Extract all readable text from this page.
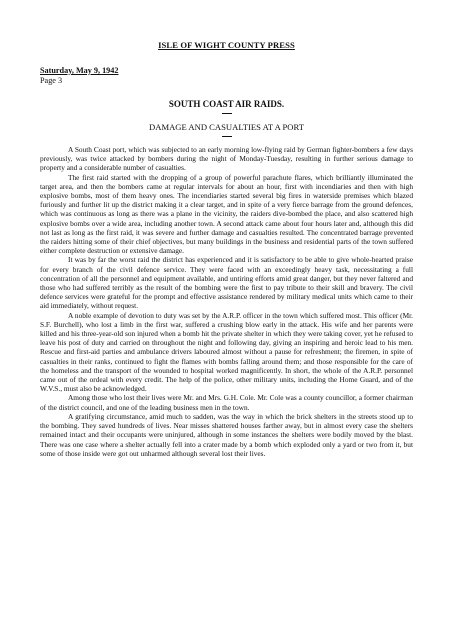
ISLE OF WIGHT COUNTY PRESS

Saturday, May 9, 1942

Page 3

SOUTH COAST AIR RAIDS.

DAMAGE AND CASUALTIES AT A PORT

A South Coast port, which was subjected to an early morning low-flying raid by German fighter-bombers a few days previously, was twice attacked by bombers during the night of Monday-Tuesday, resulting in further serious damage to property and a considerable number of casualties.

The first raid started with the dropping of a group of powerful parachute flares, which brilliantly illuminated the target area, and then the bombers came at regular intervals for about an hour, first with incendiaries and then with high explosive bombs, most of them heavy ones. The incendiaries started several big fires in waterside premises which blazed furiously and further lit up the district making it a clear target, and in spite of a very fierce barrage from the ground defences, which was continuous as long as there was a plane in the vicinity, the raiders dive-bombed the place, and also scattered high explosive bombs over a wide area, including another town. A second attack came about four hours later and, although this did not last as long as the first raid, it was severe and further damage and casualties resulted. The concentrated barrage prevented the raiders hitting some of their chief objectives, but many buildings in the business and residential parts of the town suffered either complete destruction or extensive damage.

It was by far the worst raid the district has experienced and it is satisfactory to be able to give whole-hearted praise for every branch of the civil defence service. They were faced with an exceedingly heavy task, necessitating a full concentration of all the personnel and equipment available, and untiring efforts amid great danger, but they never faltered and those who had suffered terribly as the result of the bombing were the first to pay tribute to their skill and bravery. The civil defence services were grateful for the prompt and effective assistance rendered by military medical units which came to their aid immediately, without request.

A noble example of devotion to duty was set by the A.R.P. officer in the town which suffered most. This officer (Mr. S.F. Burchell), who lost a limb in the first war, suffered a crushing blow early in the attack. His wife and her parents were killed and his three-year-old son injured when a bomb hit the private shelter in which they were taking cover, yet he refused to leave his post of duty and carried on throughout the night and following day, giving an inspiring and heroic lead to his men. Rescue and first-aid parties and ambulance drivers laboured almost without a pause for refreshment; the firemen, in spite of casualties in their ranks, continued to fight the flames with bombs falling around them; and those responsible for the care of the homeless and the transport of the wounded to hospital worked magnificently. In short, the whole of the A.R.P. personnel came out of the ordeal with every credit. The help of the police, other military units, including the Home Guard, and of the W.V.S., must also be acknowledged.

Among those who lost their lives were Mr. and Mrs. G.H. Cole. Mr. Cole was a county councillor, a former chairman of the district council, and one of the leading business men in the town.

A gratifying circumstance, amid much to sadden, was the way in which the brick shelters in the streets stood up to the bombing. They saved hundreds of lives. Near misses shattered houses farther away, but in almost every case the shelters remained intact and their occupants were uninjured, although in some instances the shelters were bodily moved by the blast. There was one case where a shelter actually fell into a crater made by a bomb which exploded only a yard or two from it, but some of those inside were got out unharmed although several lost their lives.
